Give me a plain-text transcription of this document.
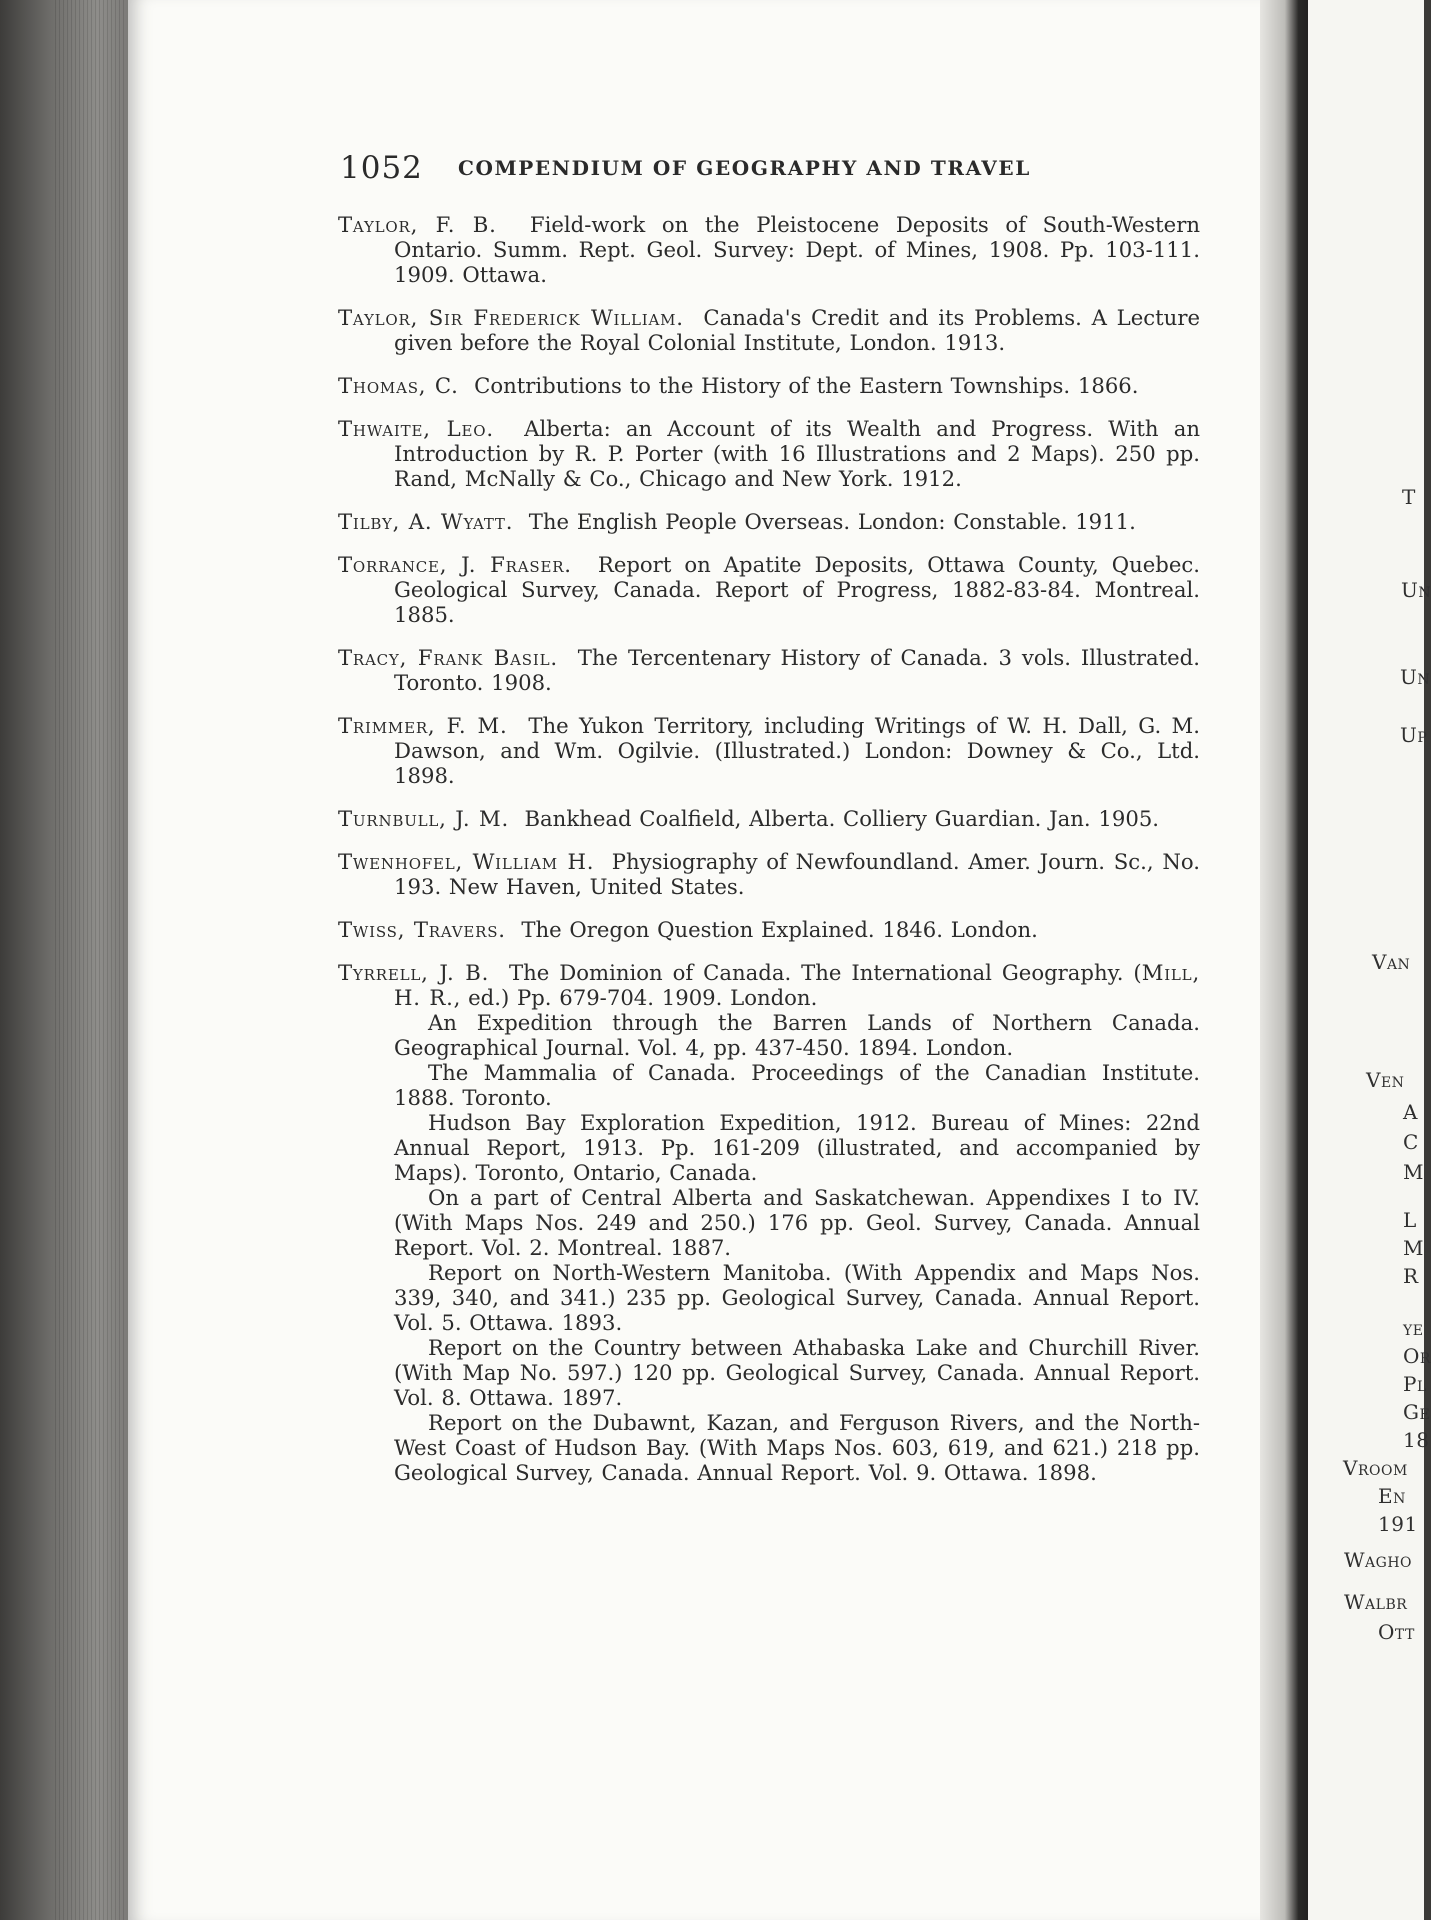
T
Un
Un
Up
Van
Ven
A
C
M
L
M
R
ye
Or
Pl
Ge
18
Vroom
En
191
Wagho
Walbr
Ott
1052 COMPENDIUM OF GEOGRAPHY AND TRAVEL
Taylor, F. B. Field-work on the Pleistocene Deposits of South-Western Ontario. Summ. Rept. Geol. Survey: Dept. of Mines, 1908. Pp. 103-111. 1909. Ottawa.
Taylor, Sir Frederick William. Canada's Credit and its Problems. A Lecture given before the Royal Colonial Institute, London. 1913.
Thomas, C. Contributions to the History of the Eastern Townships. 1866.
Thwaite, Leo. Alberta: an Account of its Wealth and Progress. With an Introduction by R. P. Porter (with 16 Illustrations and 2 Maps). 250 pp. Rand, McNally & Co., Chicago and New York. 1912.
Tilby, A. Wyatt. The English People Overseas. London: Constable. 1911.
Torrance, J. Fraser. Report on Apatite Deposits, Ottawa County, Quebec. Geological Survey, Canada. Report of Progress, 1882-83-84. Montreal. 1885.
Tracy, Frank Basil. The Tercentenary History of Canada. 3 vols. Illustrated. Toronto. 1908.
Trimmer, F. M. The Yukon Territory, including Writings of W. H. Dall, G. M. Dawson, and Wm. Ogilvie. (Illustrated.) London: Downey & Co., Ltd. 1898.
Turnbull, J. M. Bankhead Coalfield, Alberta. Colliery Guardian. Jan. 1905.
Twenhofel, William H. Physiography of Newfoundland. Amer. Journ. Sc., No. 193. New Haven, United States.
Twiss, Travers. The Oregon Question Explained. 1846. London.
Tyrrell, J. B. The Dominion of Canada. The International Geography. (Mill, H. R., ed.) Pp. 679-704. 1909. London.
An Expedition through the Barren Lands of Northern Canada. Geographical Journal. Vol. 4, pp. 437-450. 1894. London.
The Mammalia of Canada. Proceedings of the Canadian Institute. 1888. Toronto.
Hudson Bay Exploration Expedition, 1912. Bureau of Mines: 22nd Annual Report, 1913. Pp. 161-209 (illustrated, and accompanied by Maps). Toronto, Ontario, Canada.
On a part of Central Alberta and Saskatchewan. Appendixes I to IV. (With Maps Nos. 249 and 250.) 176 pp. Geol. Survey, Canada. Annual Report. Vol. 2. Montreal. 1887.
Report on North-Western Manitoba. (With Appendix and Maps Nos. 339, 340, and 341.) 235 pp. Geological Survey, Canada. Annual Report. Vol. 5. Ottawa. 1893.
Report on the Country between Athabaska Lake and Churchill River. (With Map No. 597.) 120 pp. Geological Survey, Canada. Annual Report. Vol. 8. Ottawa. 1897.
Report on the Dubawnt, Kazan, and Ferguson Rivers, and the North-West Coast of Hudson Bay. (With Maps Nos. 603, 619, and 621.) 218 pp. Geological Survey, Canada. Annual Report. Vol. 9. Ottawa. 1898.
